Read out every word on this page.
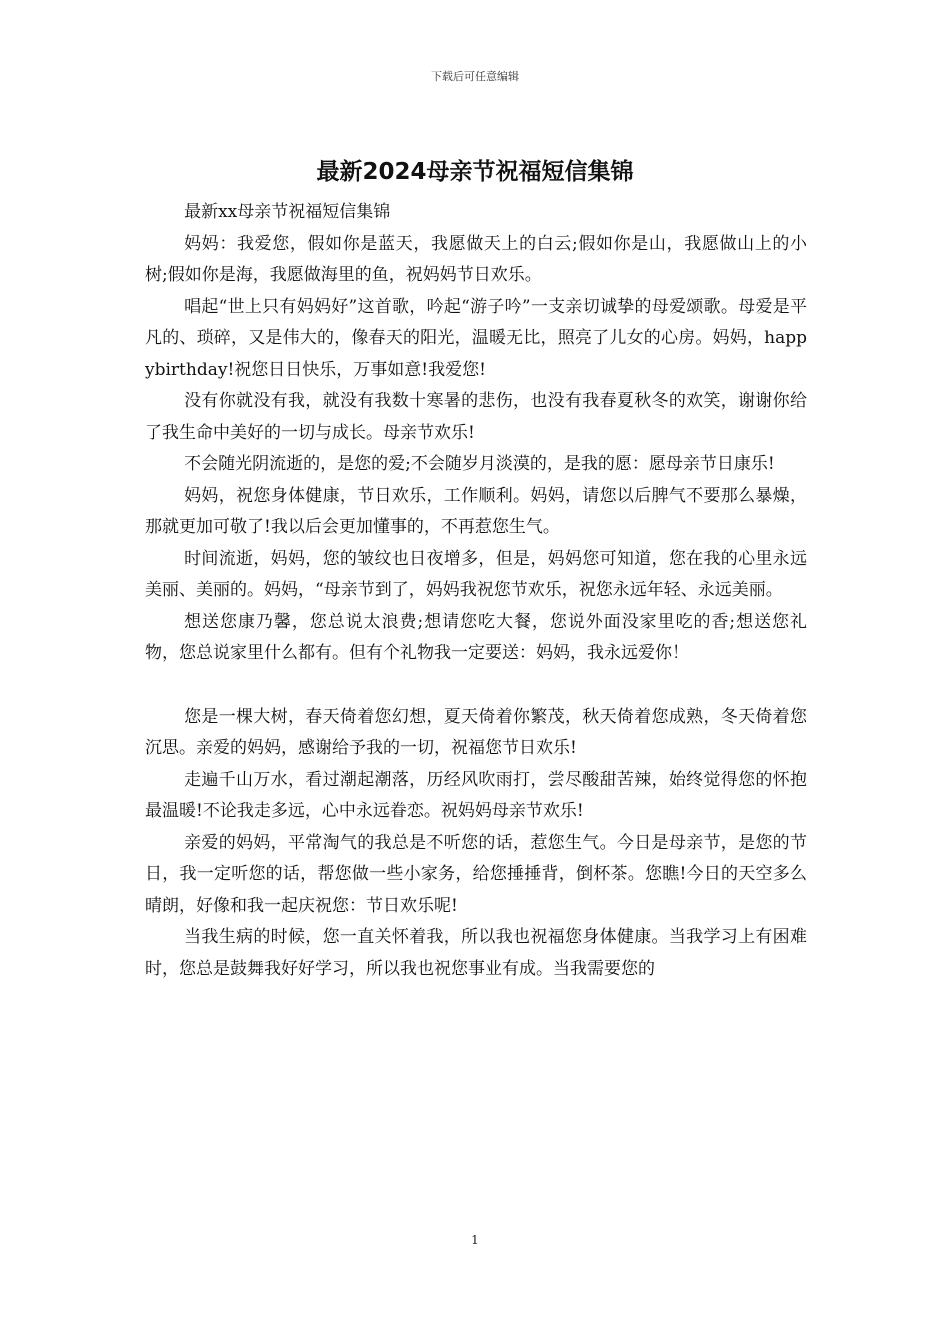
下载后可任意编辑
最新2024母亲节祝福短信集锦

最新xx母亲节祝福短信集锦

妈妈：我爱您，假如你是蓝天，我愿做天上的白云;假如你是山，我愿做山上的小树;假如你是海，我愿做海里的鱼，祝妈妈节日欢乐。

唱起“世上只有妈妈好”这首歌，吟起“游子吟”一支亲切诚挚的母爱颂歌。母爱是平凡的、琐碎，又是伟大的，像春天的阳光，温暖无比，照亮了儿女的心房。妈妈，happybirthday!祝您日日快乐，万事如意!我爱您!

没有你就没有我，就没有我数十寒暑的悲伤，也没有我春夏秋冬的欢笑，谢谢你给了我生命中美好的一切与成长。母亲节欢乐!

不会随光阴流逝的，是您的爱;不会随岁月淡漠的，是我的愿：愿母亲节日康乐!

妈妈，祝您身体健康，节日欢乐，工作顺利。妈妈，请您以后脾气不要那么暴燥，那就更加可敬了!我以后会更加懂事的，不再惹您生气。

时间流逝，妈妈，您的皱纹也日夜增多，但是，妈妈您可知道，您在我的心里永远美丽、美丽的。妈妈，“母亲节到了，妈妈我祝您节欢乐，祝您永远年轻、永远美丽。

想送您康乃馨，您总说太浪费;想请您吃大餐，您说外面没家里吃的香;想送您礼物，您总说家里什么都有。但有个礼物我一定要送：妈妈，我永远爱你！

您是一棵大树，春天倚着您幻想，夏天倚着你繁茂，秋天倚着您成熟，冬天倚着您沉思。亲爱的妈妈，感谢给予我的一切，祝福您节日欢乐!

走遍千山万水，看过潮起潮落，历经风吹雨打，尝尽酸甜苦辣，始终觉得您的怀抱最温暖!不论我走多远，心中永远眷恋。祝妈妈母亲节欢乐!

亲爱的妈妈，平常淘气的我总是不听您的话，惹您生气。今日是母亲节，是您的节日，我一定听您的话，帮您做一些小家务，给您捶捶背，倒杯茶。您瞧!今日的天空多么晴朗，好像和我一起庆祝您：节日欢乐呢!

当我生病的时候，您一直关怀着我，所以我也祝福您身体健康。当我学习上有困难时，您总是鼓舞我好好学习，所以我也祝您事业有成。当我需要您的

1
